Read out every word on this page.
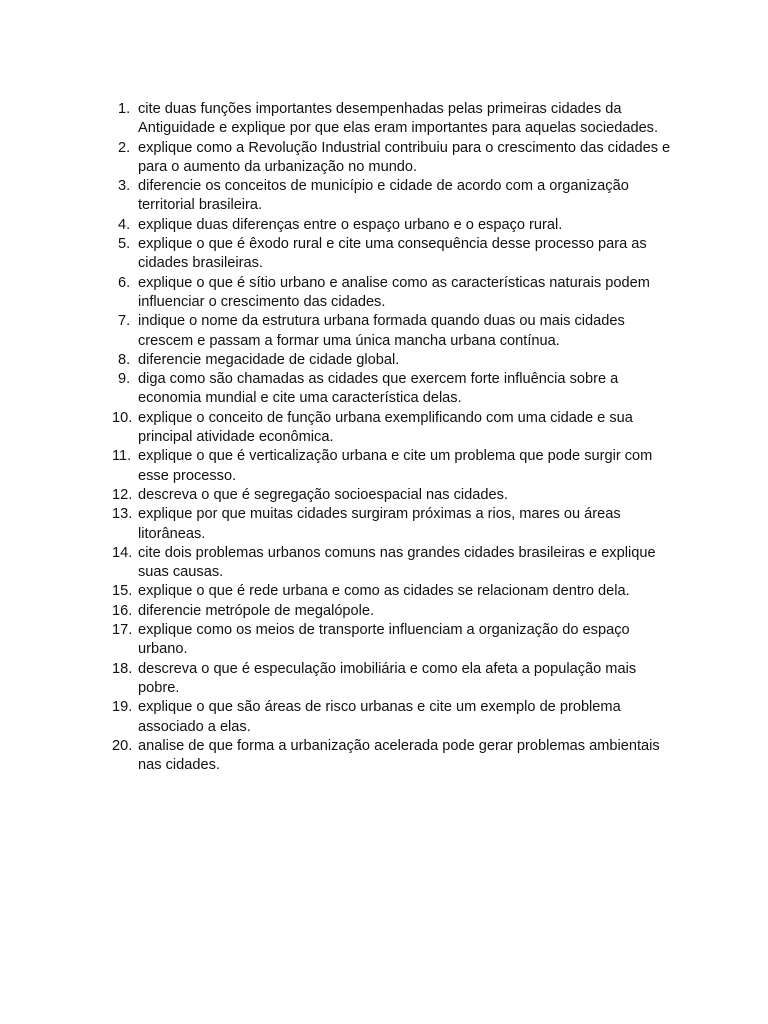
1. cite duas funções importantes desempenhadas pelas primeiras cidades da Antiguidade e explique por que elas eram importantes para aquelas sociedades.
2. explique como a Revolução Industrial contribuiu para o crescimento das cidades e para o aumento da urbanização no mundo.
3. diferencie os conceitos de município e cidade de acordo com a organização territorial brasileira.
4. explique duas diferenças entre o espaço urbano e o espaço rural.
5. explique o que é êxodo rural e cite uma consequência desse processo para as cidades brasileiras.
6. explique o que é sítio urbano e analise como as características naturais podem influenciar o crescimento das cidades.
7. indique o nome da estrutura urbana formada quando duas ou mais cidades crescem e passam a formar uma única mancha urbana contínua.
8. diferencie megacidade de cidade global.
9. diga como são chamadas as cidades que exercem forte influência sobre a economia mundial e cite uma característica delas.
10. explique o conceito de função urbana exemplificando com uma cidade e sua principal atividade econômica.
11. explique o que é verticalização urbana e cite um problema que pode surgir com esse processo.
12. descreva o que é segregação socioespacial nas cidades.
13. explique por que muitas cidades surgiram próximas a rios, mares ou áreas litorâneas.
14. cite dois problemas urbanos comuns nas grandes cidades brasileiras e explique suas causas.
15. explique o que é rede urbana e como as cidades se relacionam dentro dela.
16. diferencie metrópole de megalópole.
17. explique como os meios de transporte influenciam a organização do espaço urbano.
18. descreva o que é especulação imobiliária e como ela afeta a população mais pobre.
19. explique o que são áreas de risco urbanas e cite um exemplo de problema associado a elas.
20. analise de que forma a urbanização acelerada pode gerar problemas ambientais nas cidades.
